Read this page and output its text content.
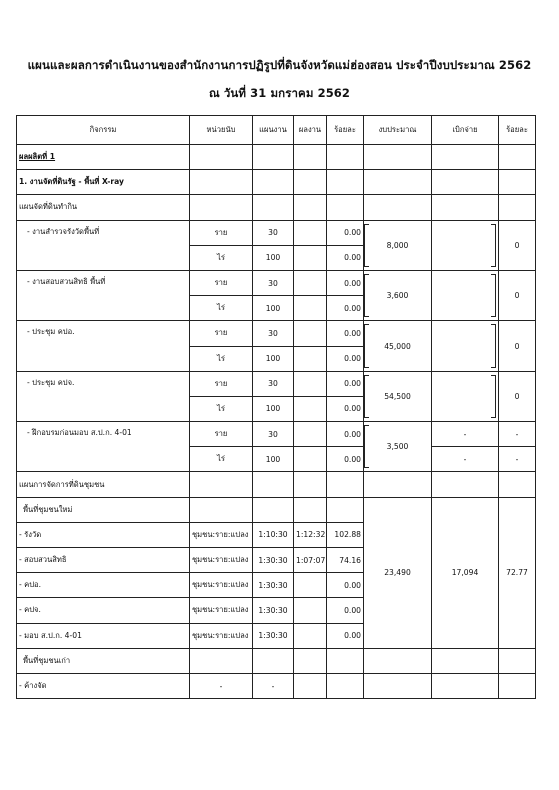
แผนและผลการดำเนินงานของสำนักงานการปฏิรูปที่ดินจังหวัดแม่ฮ่องสอน ประจำปีงบประมาณ 2562
ณ วันที่ 31 มกราคม 2562
กิจกรรม	หน่วยนับ	แผนงาน	ผลงาน	ร้อยละ	งบประมาณ	เบิกจ่าย	ร้อยละ
ผลผลิตที่ 1							
1. งานจัดที่ดินรัฐ - พื้นที่ X-ray							
แผนจัดที่ดินทำกิน							
- งานสำรวจรังวัดพื้นที่	ราย	30		0.00	8,000		0
	ไร่	100		0.00			
- งานสอบสวนสิทธิ พื้นที่	ราย	30		0.00	3,600		0
	ไร่	100		0.00			
- ประชุม คปอ.	ราย	30		0.00	45,000		0
	ไร่	100		0.00			
- ประชุม คปจ.	ราย	30		0.00	54,500		0
	ไร่	100		0.00			
- ฝึกอบรมก่อนมอบ ส.ป.ก. 4-01	ราย	30		0.00	3,500	-	-
	ไร่	100		0.00		-	-
แผนการจัดการที่ดินชุมชน							
พื้นที่ชุมชนใหม่					23,490	17,094	72.77
- รังวัด	ชุมชน:ราย:แปลง	1:10:30	1:12:32	102.88			
- สอบสวนสิทธิ	ชุมชน:ราย:แปลง	1:30:30	1:07:07	74.16			
- คปอ.	ชุมชน:ราย:แปลง	1:30:30		0.00			
- คปจ.	ชุมชน:ราย:แปลง	1:30:30		0.00			
- มอบ ส.ป.ก. 4-01	ชุมชน:ราย:แปลง	1:30:30		0.00			
พื้นที่ชุมชนเก่า							
- ค้างจัด	-	-					
